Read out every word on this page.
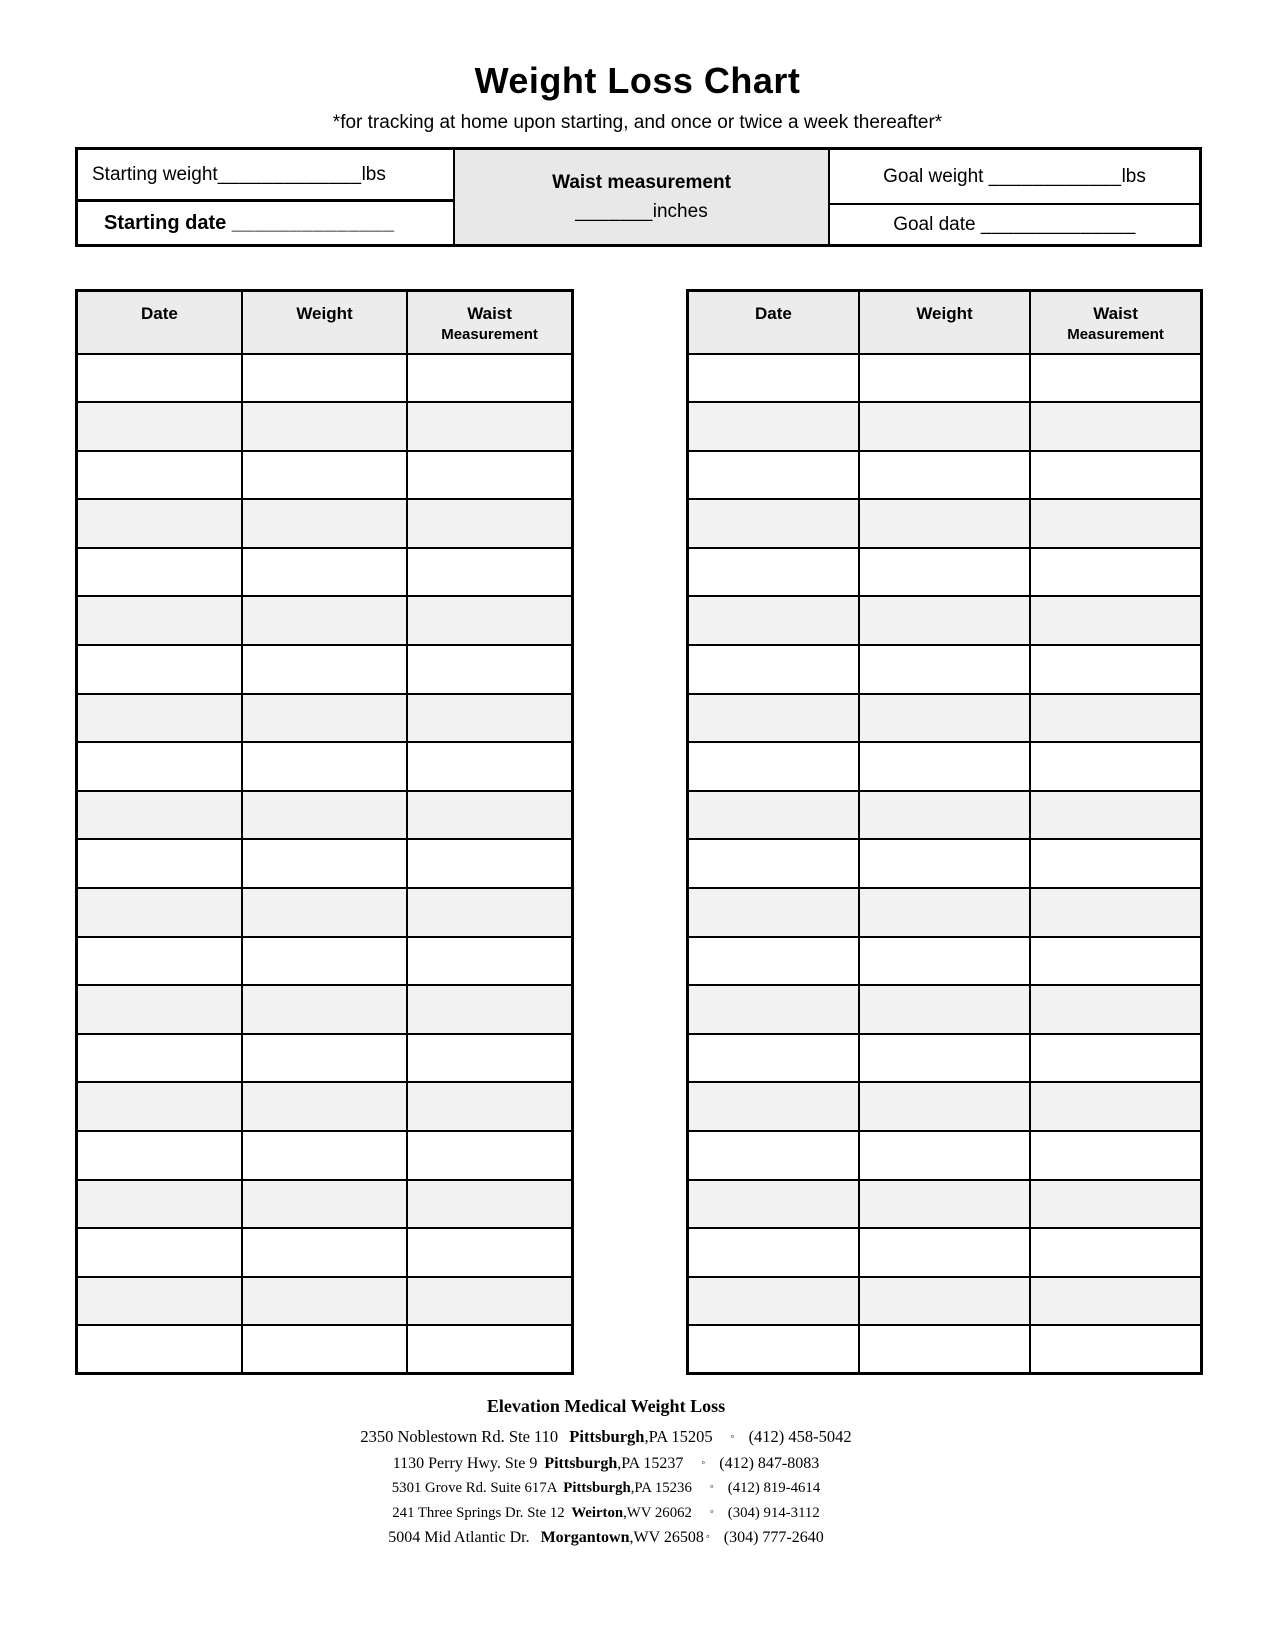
Weight Loss Chart
*for tracking at home upon starting, and once or twice a week thereafter*
Starting weight _____________ lbs
Starting date
______________
Waist measurement
_______inches
Goal weight
____________ lbs
Goal date
______________
Date	Weight	Waist
Measurement

Date	Weight	Waist
Measurement

Elevation Medical Weight Loss
2350 Noblestown Rd. Ste 110 Pittsburgh,PA 15205 ◦ (412) 458-5042
1130 Perry Hwy. Ste 9 Pittsburgh,PA 15237 ◦ (412) 847-8083
5301 Grove Rd. Suite 617A Pittsburgh,PA 15236 ◦ (412) 819-4614
241 Three Springs Dr. Ste 12 Weirton,WV 26062 ◦ (304) 914-3112
5004 Mid Atlantic Dr. Morgantown,WV 26508 ◦ (304) 777-2640
